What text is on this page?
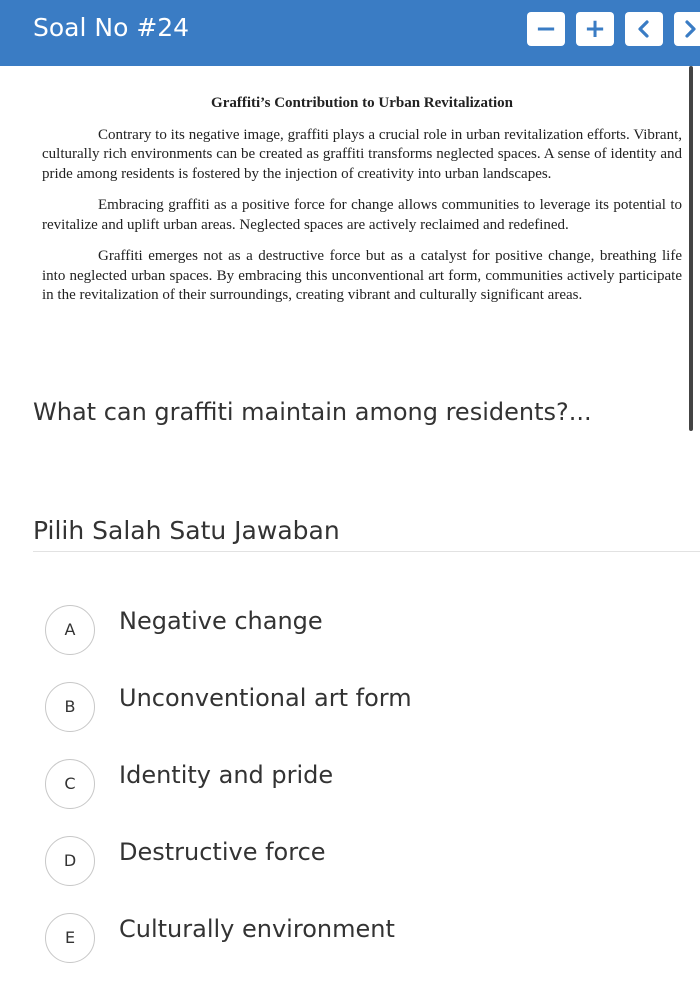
Soal No #24	−	+
Graffiti’s Contribution to Urban Revitalization

Contrary to its negative image, graffiti plays a crucial role in urban revitalization efforts. Vibrant, culturally rich environments can be created as graffiti transforms neglected spaces. A sense of identity and pride among residents is fostered by the injection of creativity into urban landscapes.

Embracing graffiti as a positive force for change allows communities to leverage its potential to revitalize and uplift urban areas. Neglected spaces are actively reclaimed and redefined.

Graffiti emerges not as a destructive force but as a catalyst for positive change, breathing life into neglected urban spaces. By embracing this unconventional art form, communities actively participate in the revitalization of their surroundings, creating vibrant and culturally significant areas.

What can graffiti maintain among residents?...
Pilih Salah Satu Jawaban
A	Negative change
B	Unconventional art form
C	Identity and pride
D	Destructive force
E	Culturally environment
